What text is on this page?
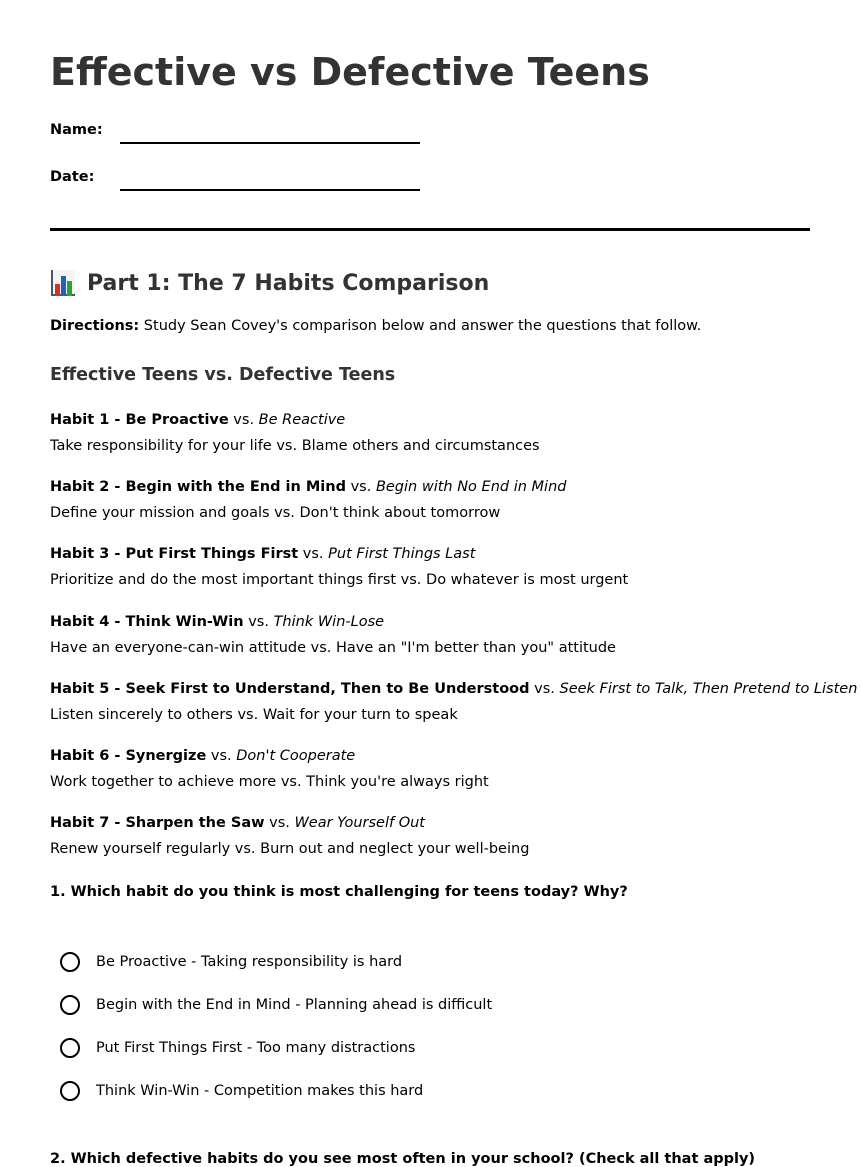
Effective vs Defective Teens
Name:
Date:
Part 1: The 7 Habits Comparison
Directions: Study Sean Covey's comparison below and answer the questions that follow.
Effective Teens vs. Defective Teens
Habit 1 - Be Proactive vs. Be Reactive
Take responsibility for your life vs. Blame others and circumstances
Habit 2 - Begin with the End in Mind vs. Begin with No End in Mind
Define your mission and goals vs. Don't think about tomorrow
Habit 3 - Put First Things First vs. Put First Things Last
Prioritize and do the most important things first vs. Do whatever is most urgent
Habit 4 - Think Win-Win vs. Think Win-Lose
Have an everyone-can-win attitude vs. Have an "I'm better than you" attitude
Habit 5 - Seek First to Understand, Then to Be Understood vs. Seek First to Talk, Then Pretend to Listen
Listen sincerely to others vs. Wait for your turn to speak
Habit 6 - Synergize vs. Don't Cooperate
Work together to achieve more vs. Think you're always right
Habit 7 - Sharpen the Saw vs. Wear Yourself Out
Renew yourself regularly vs. Burn out and neglect your well-being
1. Which habit do you think is most challenging for teens today? Why?
Be Proactive - Taking responsibility is hard
Begin with the End in Mind - Planning ahead is difficult
Put First Things First - Too many distractions
Think Win-Win - Competition makes this hard
2. Which defective habits do you see most often in your school? (Check all that apply)
